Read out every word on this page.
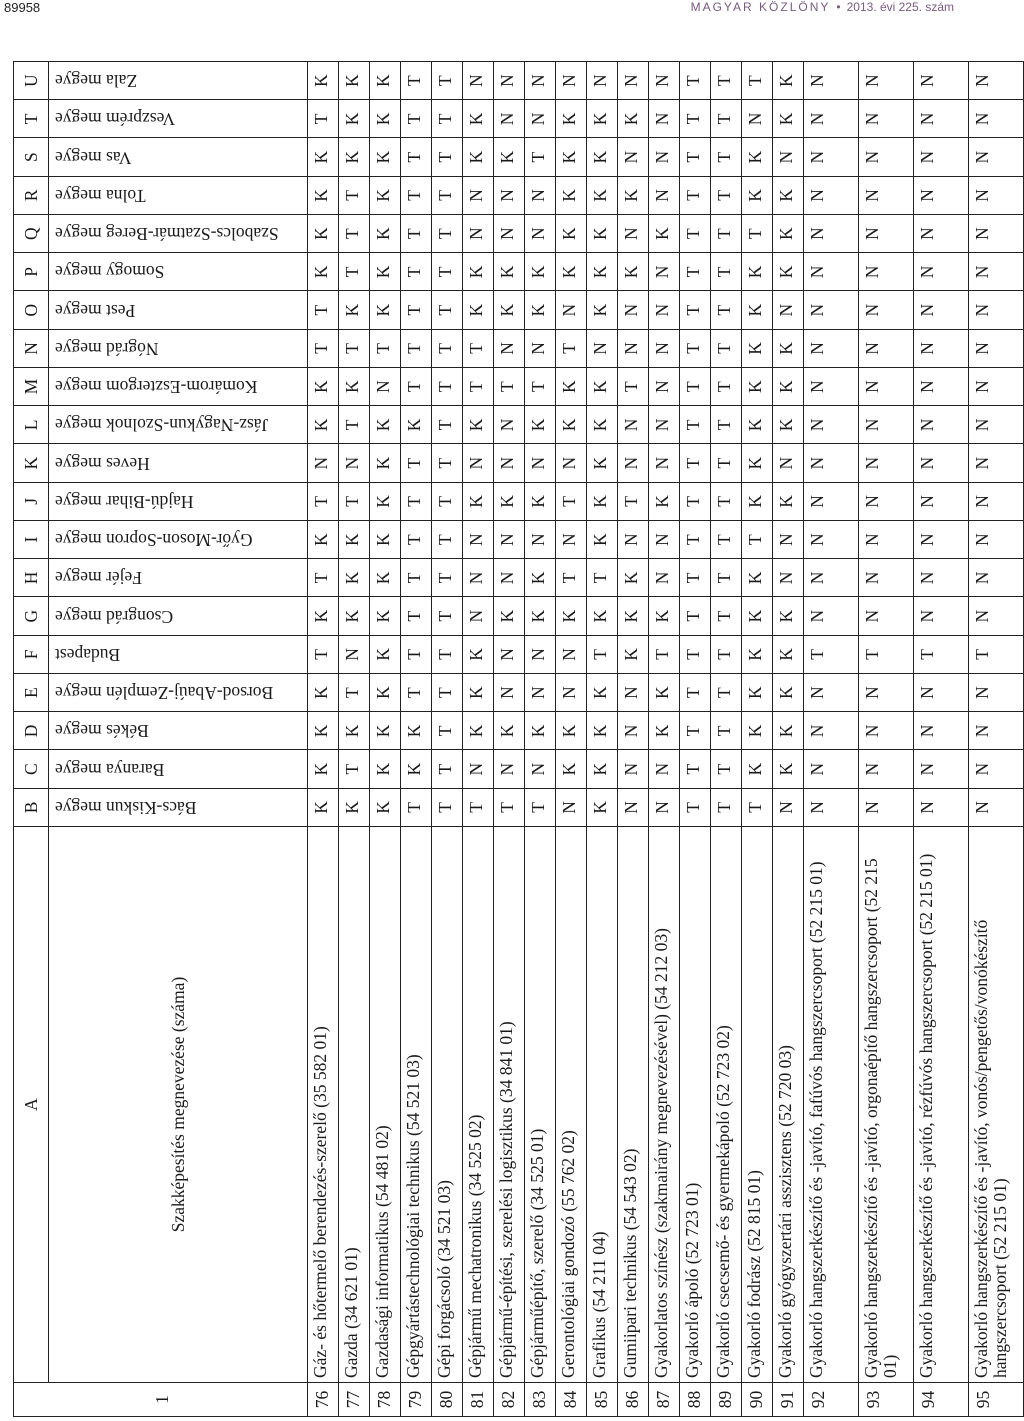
89958	MAGYAR KÖZLÖNY • 2013. évi 225. szám
1	A	B	C	D	E	F	G	H	I	J	K	L	M	N	O	P	Q	R	S	T	U
	Szakképesítés megnevezése (száma)	Bács-Kiskun megye	Baranya megye	Békés megye	Borsod-Abaúj-Zemplén megye	Budapest	Csongrád megye	Fejér megye	Győr-Moson-Sopron megye	Hajdú-Bihar megye	Heves megye	Jász-Nagykun-Szolnok megye	Komárom-Esztergom megye	Nógrád megye	Pest megye	Somogy megye	Szabolcs-Szatmár-Bereg megye	Tolna megye	Vas megye	Veszprém megye	Zala megye
76	Gáz- és hőtermelő berendezés-szerelő (35 582 01)	K	K	K	K	T	K	T	K	T	N	K	K	T	T	K	K	K	K	T	K
77	Gazda (34 621 01)	K	T	K	T	N	K	K	K	T	N	T	K	T	K	T	T	T	K	K	K
78	Gazdasági informatikus (54 481 02)	K	K	K	K	K	K	K	K	K	K	K	N	T	K	K	K	K	K	K	K
79	Gépgyártástechnológiai technikus (54 521 03)	T	K	K	T	T	T	T	T	T	T	K	T	T	T	T	T	T	T	T	T
80	Gépi forgácsoló (34 521 03)	T	T	T	T	T	T	T	T	T	T	T	T	T	T	T	T	T	T	T	T
81	Gépjármű mechatronikus (34 525 02)	T	N	K	K	K	N	N	N	K	N	K	T	T	K	K	N	N	K	K	N
82	Gépjármű-építési, szerelési logisztikus (34 841 01)	T	N	K	N	N	K	N	N	K	N	N	T	N	K	K	N	N	K	N	N
83	Gépjárműépítő, szerelő (34 525 01)	T	N	K	N	N	K	K	N	K	N	K	T	N	K	K	N	N	T	N	N
84	Gerontológiai gondozó (55 762 02)	N	K	K	N	N	K	T	N	T	N	K	K	T	N	K	K	K	K	K	N
85	Grafikus (54 211 04)	K	K	K	K	T	K	T	K	K	K	K	K	N	K	K	K	K	K	K	N
86	Gumiipari technikus (54 543 02)	N	N	N	N	K	K	K	N	T	N	N	T	N	N	K	N	K	N	K	N
87	Gyakorlatos színész (szakmairány megnevezésével) (54 212 03)	N	N	K	K	T	K	N	N	K	N	N	N	N	N	N	K	N	N	N	N
88	Gyakorló ápoló (52 723 01)	T	T	T	T	T	T	T	T	T	T	T	T	T	T	T	T	T	T	T	T
89	Gyakorló csecsemő- és gyermekápoló (52 723 02)	T	T	T	T	T	T	T	T	T	T	T	T	T	T	T	T	T	T	T	T
90	Gyakorló fodrász (52 815 01)	T	K	K	K	K	K	K	T	K	K	K	K	K	K	K	T	K	K	N	T
91	Gyakorló gyógyszertári asszisztens (52 720 03)	N	K	K	K	K	K	N	N	K	N	K	K	K	N	K	K	K	N	K	K
92	Gyakorló hangszerkészítő és -javító, fafúvós hangszercsoport (52 215 01)	N	N	N	N	T	N	N	N	N	N	N	N	N	N	N	N	N	N	N	N
93	Gyakorló hangszerkészítő és -javító, orgonaépítő hangszercsoport (52 215 01)	N	N	N	N	T	N	N	N	N	N	N	N	N	N	N	N	N	N	N	N
94	Gyakorló hangszerkészítő és -javító, rézfúvós hangszercsoport (52 215 01)	N	N	N	N	T	N	N	N	N	N	N	N	N	N	N	N	N	N	N	N
95	Gyakorló hangszerkészítő és -javító, vonós/pengetős/vonókészítő hangszercsoport (52 215 01)	N	N	N	N	T	N	N	N	N	N	N	N	N	N	N	N	N	N	N	N
